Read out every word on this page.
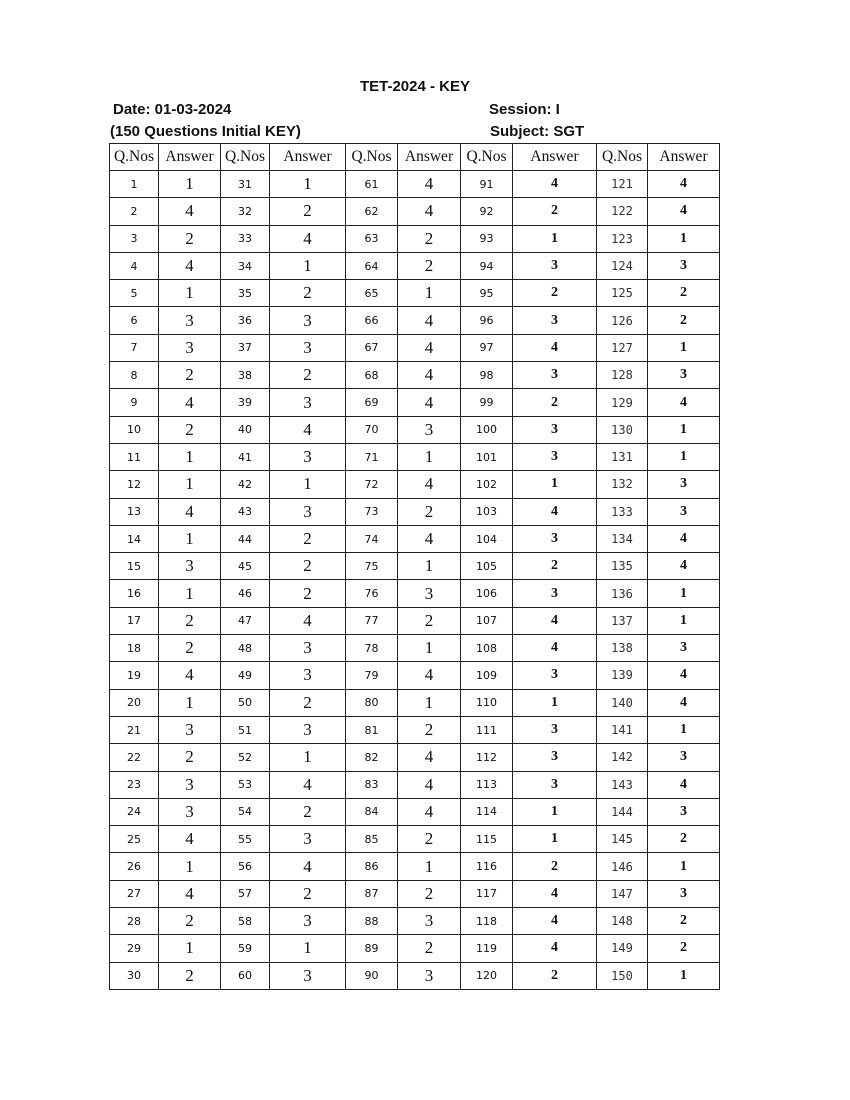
TET-2024 - KEY
Date: 01-03-2024	Session: I
(150 Questions Initial KEY)	Subject: SGT
Q.Nos	Answer	Q.Nos	Answer	Q.Nos	Answer	Q.Nos	Answer	Q.Nos	Answer
1	1	31	1	61	4	91	4	121	4
2	4	32	2	62	4	92	2	122	4
3	2	33	4	63	2	93	1	123	1
4	4	34	1	64	2	94	3	124	3
5	1	35	2	65	1	95	2	125	2
6	3	36	3	66	4	96	3	126	2
7	3	37	3	67	4	97	4	127	1
8	2	38	2	68	4	98	3	128	3
9	4	39	3	69	4	99	2	129	4
10	2	40	4	70	3	100	3	130	1
11	1	41	3	71	1	101	3	131	1
12	1	42	1	72	4	102	1	132	3
13	4	43	3	73	2	103	4	133	3
14	1	44	2	74	4	104	3	134	4
15	3	45	2	75	1	105	2	135	4
16	1	46	2	76	3	106	3	136	1
17	2	47	4	77	2	107	4	137	1
18	2	48	3	78	1	108	4	138	3
19	4	49	3	79	4	109	3	139	4
20	1	50	2	80	1	110	1	140	4
21	3	51	3	81	2	111	3	141	1
22	2	52	1	82	4	112	3	142	3
23	3	53	4	83	4	113	3	143	4
24	3	54	2	84	4	114	1	144	3
25	4	55	3	85	2	115	1	145	2
26	1	56	4	86	1	116	2	146	1
27	4	57	2	87	2	117	4	147	3
28	2	58	3	88	3	118	4	148	2
29	1	59	1	89	2	119	4	149	2
30	2	60	3	90	3	120	2	150	1
